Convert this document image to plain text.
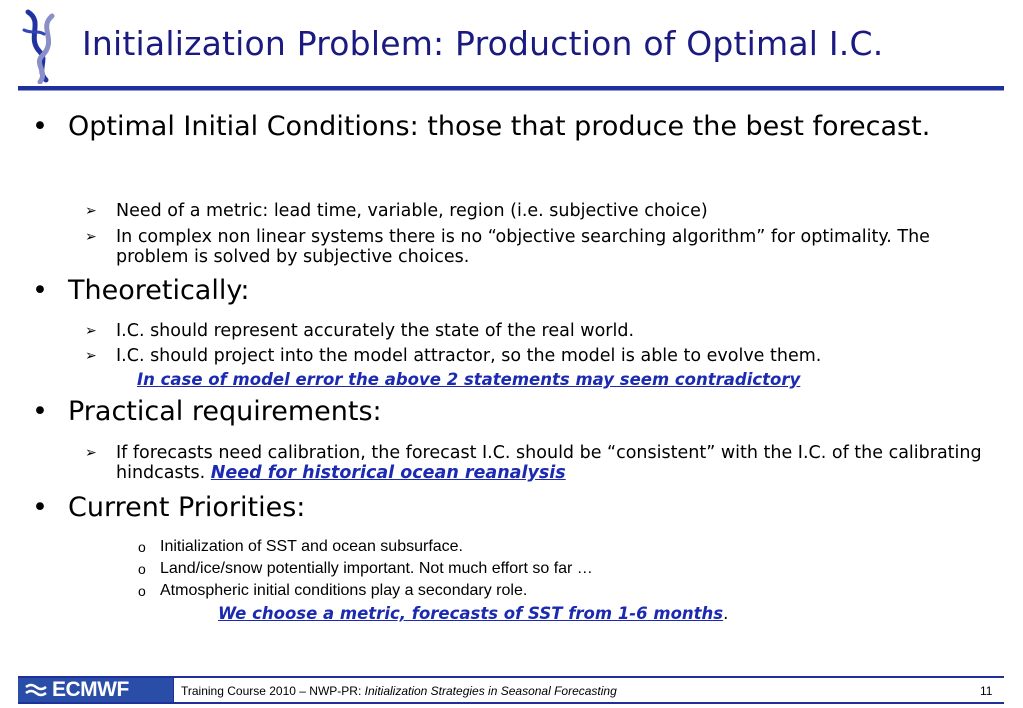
Initialization Problem: Production of Optimal I.C.
• Optimal Initial Conditions: those that produce the best forecast.
➢ Need of a metric: lead time, variable, region (i.e. subjective choice)
➢ In complex non linear systems there is no “objective searching algorithm” for optimality. The problem is solved by subjective choices.
• Theoretically:
➢ I.C. should represent accurately the state of the real world.
➢ I.C. should project into the model attractor, so the model is able to evolve them.
In case of model error the above 2 statements may seem contradictory
• Practical requirements:
➢ If forecasts need calibration, the forecast I.C. should be “consistent” with the I.C. of the calibrating hindcasts. Need for historical ocean reanalysis
• Current Priorities:
o Initialization of SST and ocean subsurface.
o Land/ice/snow potentially important. Not much effort so far …
o Atmospheric initial conditions play a secondary role.
We choose a metric, forecasts of SST from 1-6 months.
ECMWF	Training Course 2010 – NWP-PR: Initialization Strategies in Seasonal Forecasting	11
